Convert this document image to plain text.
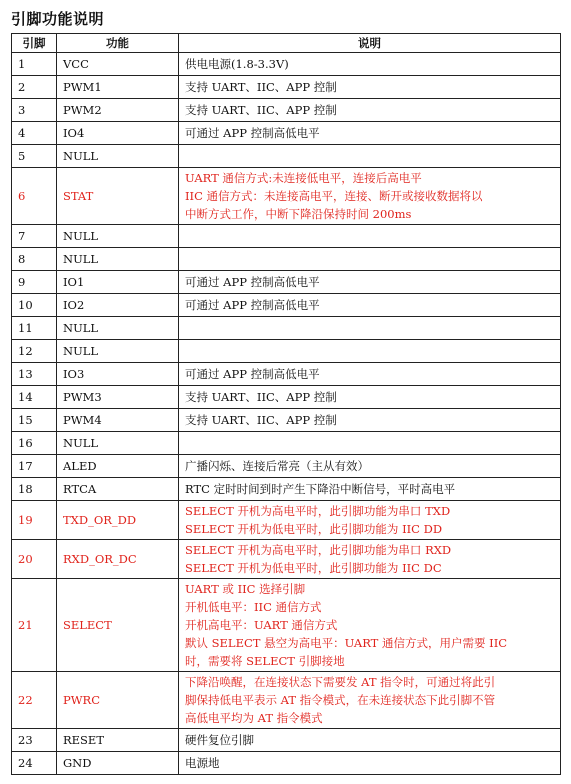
引脚功能说明
引脚	功能	说明
1	VCC	供电电源(1.8-3.3V)

2	PWM1	支持 UART、IIC、APP 控制

3	PWM2	支持 UART、IIC、APP 控制

4	IO4	可通过 APP 控制高低电平

5	NULL	

6	STAT	UART 通信方式:未连接低电平，连接后高电平
IIC 通信方式：未连接高电平，连接、断开或接收数据将以
中断方式工作，中断下降沿保持时间 200ms

7	NULL	

8	NULL	

9	IO1	可通过 APP 控制高低电平

10	IO2	可通过 APP 控制高低电平

11	NULL	

12	NULL	

13	IO3	可通过 APP 控制高低电平

14	PWM3	支持 UART、IIC、APP 控制

15	PWM4	支持 UART、IIC、APP 控制

16	NULL	

17	ALED	广播闪烁、连接后常亮（主从有效）

18	RTCA	RTC 定时时间到时产生下降沿中断信号，平时高电平

19	TXD_OR_DD	SELECT 开机为高电平时，此引脚功能为串口 TXD
SELECT 开机为低电平时，此引脚功能为 IIC DD

20	RXD_OR_DC	SELECT 开机为高电平时，此引脚功能为串口 RXD
SELECT 开机为低电平时，此引脚功能为 IIC DC

21	SELECT	UART 或 IIC 选择引脚
开机低电平：IIC 通信方式
开机高电平：UART 通信方式
默认 SELECT 悬空为高电平：UART 通信方式，用户需要 IIC
时，需要将 SELECT 引脚接地

22	PWRC	下降沿唤醒，在连接状态下需要发 AT 指令时，可通过将此引
脚保持低电平表示 AT 指令模式，在未连接状态下此引脚不管
高低电平均为 AT 指令模式

23	RESET	硬件复位引脚

24	GND	电源地
